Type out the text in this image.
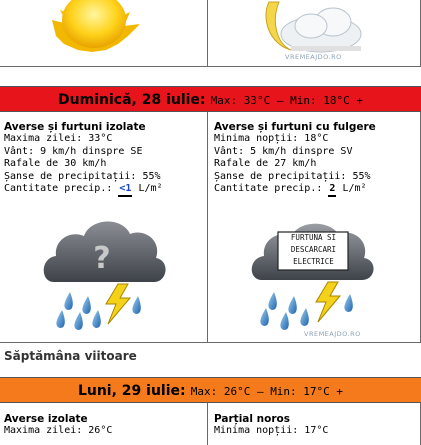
VREMEAJDO.RO
Duminică, 28 iulie: Max: 33°C – Min: 18°C +
Averse și furtuni izolate
Maxima zilei: 33°C
Vânt: 9 km/h dinspre SE
Rafale de 30 km/h
Șanse de precipitații: 55%
Cantitate precip.: <1 L/m²
Averse și furtuni cu fulgere
Minima nopții: 18°C
Vânt: 5 km/h dinspre SV
Rafale de 27 km/h
Șanse de precipitații: 55%
Cantitate precip.: 2 L/m²
?
FURTUNA SI
DESCARCARI
ELECTRICE
VREMEAJDO.RO
Săptămâna viitoare
Luni, 29 iulie: Max: 26°C – Min: 17°C +
Averse izolate
Maxima zilei: 26°C
Parțial noros
Minima nopții: 17°C
